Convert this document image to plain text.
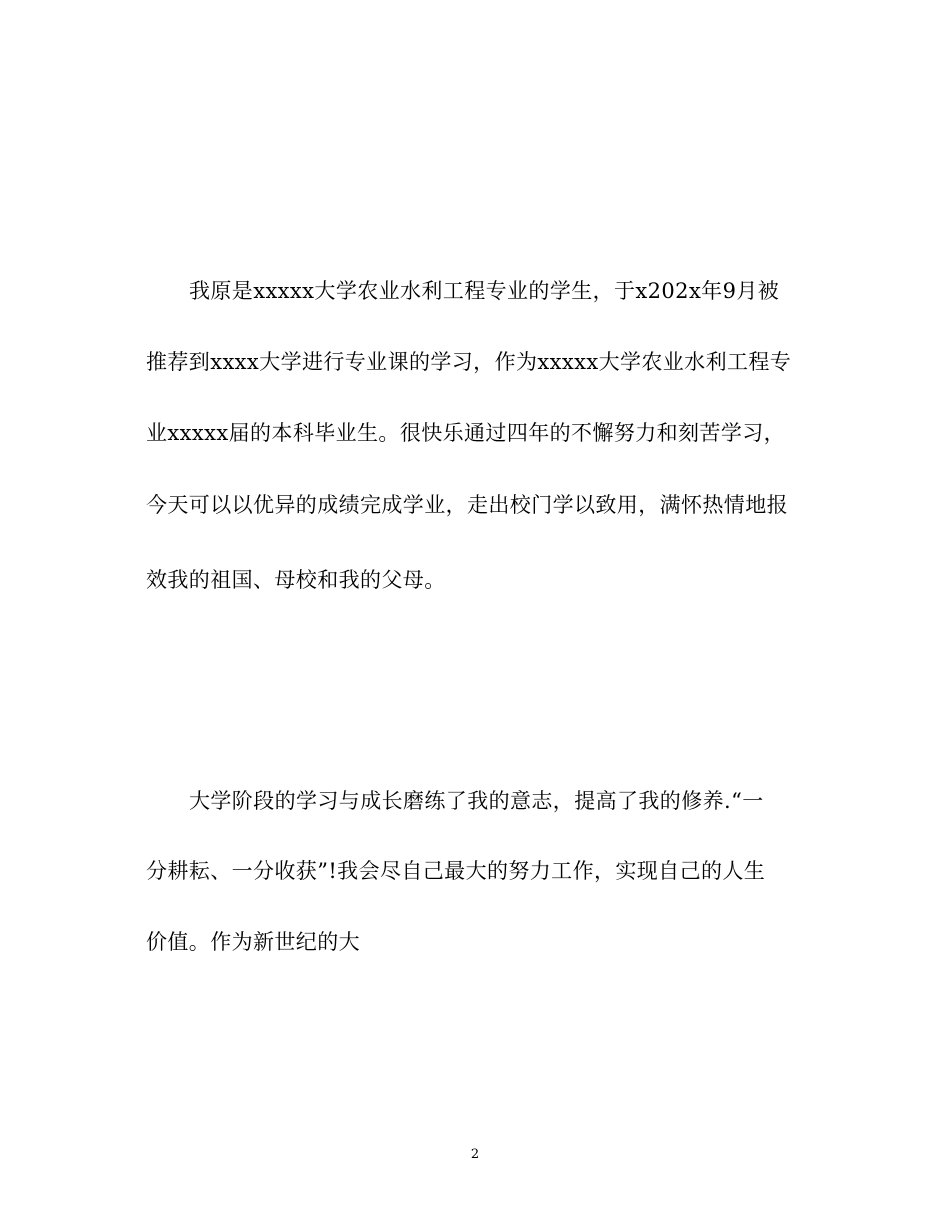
我原是xxxxx大学农业水利工程专业的学生，于x202x年9月被
推荐到xxxx大学进行专业课的学习，作为xxxxx大学农业水利工程专
业xxxxx届的本科毕业生。很快乐通过四年的不懈努力和刻苦学习，
今天可以以优异的成绩完成学业，走出校门学以致用，满怀热情地报
效我的祖国、母校和我的父母。
大学阶段的学习与成长磨练了我的意志，提高了我的修养.“一
分耕耘、一分收获”!我会尽自己最大的努力工作，实现自己的人生
价值。作为新世纪的大
2
